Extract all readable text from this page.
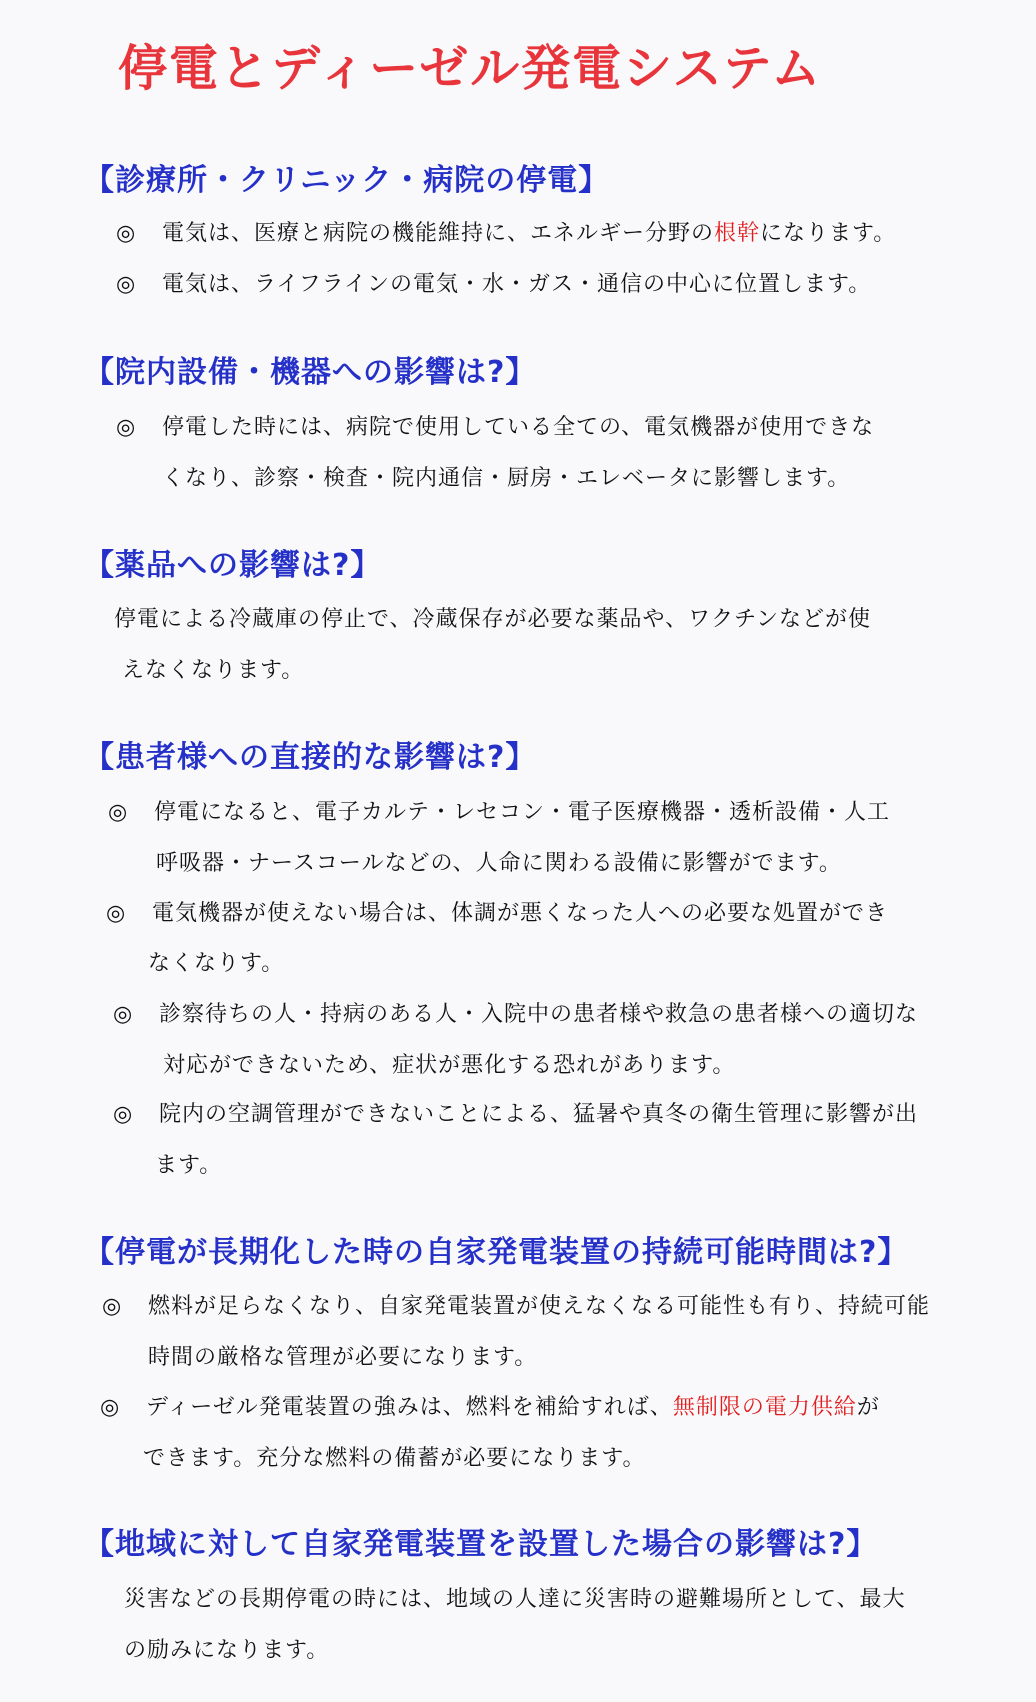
停電とディーゼル発電システム
【診療所・クリニック・病院の停電】

◎ 電気は、医療と病院の機能維持に、エネルギー分野の根幹になります。

◎ 電気は、ライフラインの電気・水・ガス・通信の中心に位置します。

【院内設備・機器への影響は?】

◎ 停電した時には、病院で使用している全ての、電気機器が使用できな

くなり、診察・検査・院内通信・厨房・エレベータに影響します。

【薬品への影響は?】

停電による冷蔵庫の停止で、冷蔵保存が必要な薬品や、ワクチンなどが使

えなくなります。

【患者様への直接的な影響は?】

◎ 停電になると、電子カルテ・レセコン・電子医療機器・透析設備・人工

呼吸器・ナースコールなどの、人命に関わる設備に影響がでます。

◎ 電気機器が使えない場合は、体調が悪くなった人への必要な処置ができ

なくなりす。

◎ 診察待ちの人・持病のある人・入院中の患者様や救急の患者様への適切な

対応ができないため、症状が悪化する恐れがあります。

◎ 院内の空調管理ができないことによる、猛暑や真冬の衛生管理に影響が出

ます。

【停電が長期化した時の自家発電装置の持続可能時間は?】

◎ 燃料が足らなくなり、自家発電装置が使えなくなる可能性も有り、持続可能

時間の厳格な管理が必要になります。

◎ ディーゼル発電装置の強みは、燃料を補給すれば、無制限の電力供給が

できます。充分な燃料の備蓄が必要になります。

【地域に対して自家発電装置を設置した場合の影響は?】

災害などの長期停電の時には、地域の人達に災害時の避難場所として、最大

の励みになります。
